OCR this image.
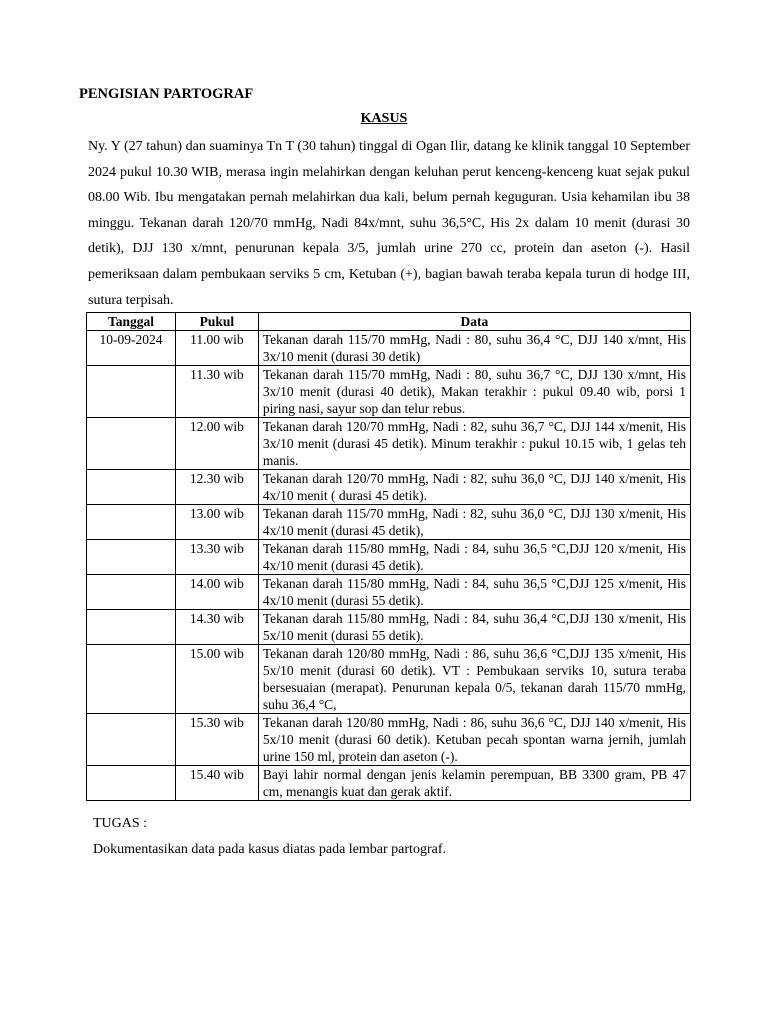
PENGISIAN PARTOGRAF

KASUS

Ny. Y (27 tahun) dan suaminya Tn T (30 tahun) tinggal di Ogan Ilir, datang ke klinik tanggal 10 September 2024 pukul 10.30 WIB, merasa ingin melahirkan dengan keluhan perut kenceng-kenceng kuat sejak pukul 08.00 Wib. Ibu mengatakan pernah melahirkan dua kali, belum pernah keguguran. Usia kehamilan ibu 38 minggu. Tekanan darah 120/70 mmHg, Nadi 84x/mnt, suhu 36,5°C, His 2x dalam 10 menit (durasi 30 detik), DJJ 130 x/mnt, penurunan kepala 3/5, jumlah urine 270 cc, protein dan aseton (-). Hasil pemeriksaan dalam pembukaan serviks 5 cm, Ketuban (+), bagian bawah teraba kepala turun di hodge III, sutura terpisah.

Tanggal	Pukul	Data
10-09-2024	11.00 wib	Tekanan darah 115/70 mmHg, Nadi : 80, suhu 36,4 °C, DJJ 140 x/mnt, His 3x/10 menit (durasi 30 detik)
	11.30 wib	Tekanan darah 115/70 mmHg, Nadi : 80, suhu 36,7 °C, DJJ 130 x/mnt, His 3x/10 menit (durasi 40 detik), Makan terakhir : pukul 09.40 wib, porsi 1 piring nasi, sayur sop dan telur rebus.
	12.00 wib	Tekanan darah 120/70 mmHg, Nadi : 82, suhu 36,7 °C, DJJ 144 x/menit, His 3x/10 menit (durasi 45 detik). Minum terakhir : pukul 10.15 wib, 1 gelas teh manis.
	12.30 wib	Tekanan darah 120/70 mmHg, Nadi : 82, suhu 36,0 °C, DJJ 140 x/menit, His 4x/10 menit ( durasi 45 detik).
	13.00 wib	Tekanan darah 115/70 mmHg, Nadi : 82, suhu 36,0 °C, DJJ 130 x/menit, His 4x/10 menit (durasi 45 detik),
	13.30 wib	Tekanan darah 115/80 mmHg, Nadi : 84, suhu 36,5 °C,DJJ 120 x/menit, His 4x/10 menit (durasi 45 detik).
	14.00 wib	Tekanan darah 115/80 mmHg, Nadi : 84, suhu 36,5 °C,DJJ 125 x/menit, His 4x/10 menit (durasi 55 detik).
	14.30 wib	Tekanan darah 115/80 mmHg, Nadi : 84, suhu 36,4 °C,DJJ 130 x/menit, His 5x/10 menit (durasi 55 detik).
	15.00 wib	Tekanan darah 120/80 mmHg, Nadi : 86, suhu 36,6 °C,DJJ 135 x/menit, His 5x/10 menit (durasi 60 detik). VT : Pembukaan serviks 10, sutura teraba bersesuaian (merapat). Penurunan kepala 0/5, tekanan darah 115/70 mmHg, suhu 36,4 °C,
	15.30 wib	Tekanan darah 120/80 mmHg, Nadi : 86, suhu 36,6 °C, DJJ 140 x/menit, His 5x/10 menit (durasi 60 detik). Ketuban pecah spontan warna jernih, jumlah urine 150 ml, protein dan aseton (-).
	15.40 wib	Bayi lahir normal dengan jenis kelamin perempuan, BB 3300 gram, PB 47 cm, menangis kuat dan gerak aktif.

TUGAS :

Dokumentasikan data pada kasus diatas pada lembar partograf.
